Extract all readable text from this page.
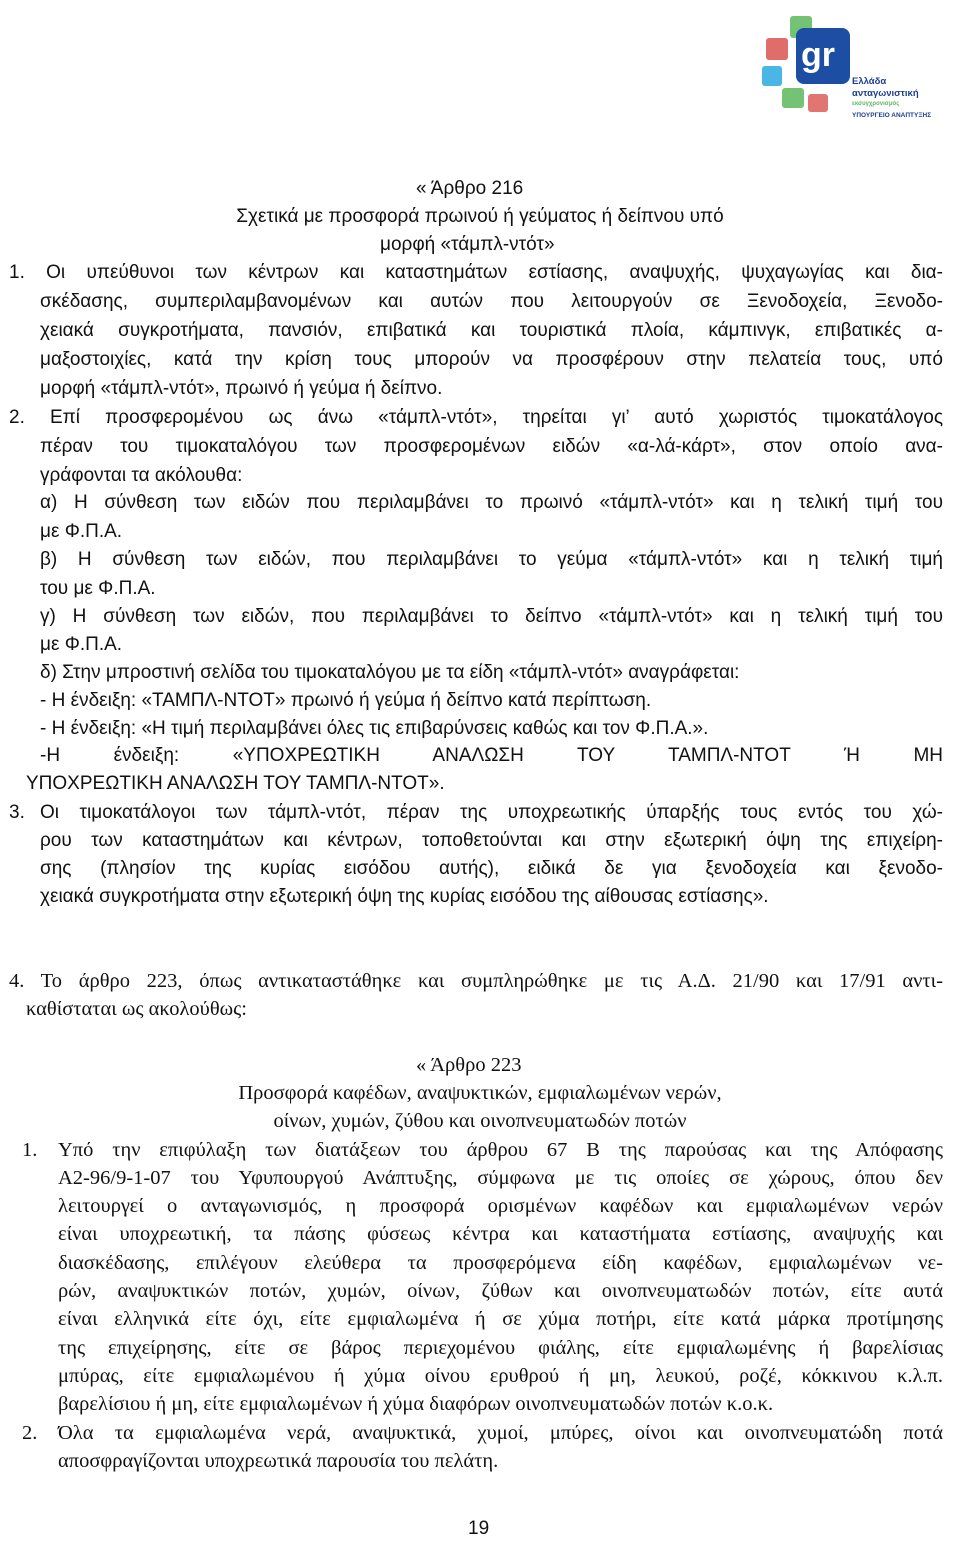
gr
Ελλάδα
ανταγωνιστική
εκσυγχρονισμός
ΥΠΟΥΡΓΕΙΟ ΑΝΑΠΤΥΞΗΣ
« Άρθρο 216
Σχετικά με προσφορά πρωινού ή γεύματος ή δείπνου υπό
μορφή «τάμπλ-ντότ»
1. Οι υπεύθυνοι των κέντρων και καταστημάτων εστίασης, αναψυχής, ψυχαγωγίας και δια-
σκέδασης, συμπεριλαμβανομένων και αυτών που λειτουργούν σε Ξενοδοχεία, Ξενοδο-
χειακά συγκροτήματα, πανσιόν, επιβατικά και τουριστικά πλοία, κάμπινγκ, επιβατικές α-
μαξοστοιχίες, κατά την κρίση τους μπορούν να προσφέρουν στην πελατεία τους, υπό
μορφή «τάμπλ-ντότ», πρωινό ή γεύμα ή δείπνο.
2. Επί προσφερομένου ως άνω «τάμπλ-ντότ», τηρείται γι’ αυτό χωριστός τιμοκατάλογος
πέραν του τιμοκαταλόγου των προσφερομένων ειδών «α-λά-κάρτ», στον οποίο ανα-
γράφονται τα ακόλουθα:
α) Η σύνθεση των ειδών που περιλαμβάνει το πρωινό «τάμπλ-ντότ» και η τελική τιμή του
με Φ.Π.Α.
β) Η σύνθεση των ειδών, που περιλαμβάνει το γεύμα «τάμπλ-ντότ» και η τελική τιμή
του με Φ.Π.Α.
γ) Η σύνθεση των ειδών, που περιλαμβάνει το δείπνο «τάμπλ-ντότ» και η τελική τιμή του
με Φ.Π.Α.
δ) Στην μπροστινή σελίδα του τιμοκαταλόγου με τα είδη «τάμπλ-ντότ» αναγράφεται:
- Η ένδειξη: «ΤΑΜΠΛ-ΝΤΟΤ» πρωινό ή γεύμα ή δείπνο κατά περίπτωση.
- Η ένδειξη: «Η τιμή περιλαμβάνει όλες τις επιβαρύνσεις καθώς και τον Φ.Π.Α.».
-Η ένδειξη: «ΥΠΟΧΡΕΩΤΙΚΗ ΑΝΑΛΩΣΗ ΤΟΥ ΤΑΜΠΛ-ΝΤΟΤ Ή ΜΗ
ΥΠΟΧΡΕΩΤΙΚΗ ΑΝΑΛΩΣΗ ΤΟΥ ΤΑΜΠΛ-ΝΤΟΤ».
3. Οι τιμοκατάλογοι των τάμπλ-ντότ, πέραν της υποχρεωτικής ύπαρξής τους εντός του χώ-
ρου των καταστημάτων και κέντρων, τοποθετούνται και στην εξωτερική όψη της επιχείρη-
σης (πλησίον της κυρίας εισόδου αυτής), ειδικά δε για ξενοδοχεία και ξενοδο-
χειακά συγκροτήματα στην εξωτερική όψη της κυρίας εισόδου της αίθουσας εστίασης».
4. Το άρθρο 223, όπως αντικαταστάθηκε και συμπληρώθηκε με τις Α.Δ. 21/90 και 17/91 αντι-
καθίσταται ως ακολούθως:
« Άρθρο 223
Προσφορά καφέδων, αναψυκτικών, εμφιαλωμένων νερών,
οίνων, χυμών, ζύθου και οινοπνευματωδών ποτών
1. Υπό την επιφύλαξη των διατάξεων του άρθρου 67 Β της παρούσας και της Απόφασης
Α2-96/9-1-07 του Υφυπουργού Ανάπτυξης, σύμφωνα με τις οποίες σε χώρους, όπου δεν
λειτουργεί ο ανταγωνισμός, η προσφορά ορισμένων καφέδων και εμφιαλωμένων νερών
είναι υποχρεωτική, τα πάσης φύσεως κέντρα και καταστήματα εστίασης, αναψυχής και
διασκέδασης, επιλέγουν ελεύθερα τα προσφερόμενα είδη καφέδων, εμφιαλωμένων νε-
ρών, αναψυκτικών ποτών, χυμών, οίνων, ζύθων και οινοπνευματωδών ποτών, είτε αυτά
είναι ελληνικά είτε όχι, είτε εμφιαλωμένα ή σε χύμα ποτήρι, είτε κατά μάρκα προτίμησης
της επιχείρησης, είτε σε βάρος περιεχομένου φιάλης, είτε εμφιαλωμένης ή βαρελίσιας
μπύρας, είτε εμφιαλωμένου ή χύμα οίνου ερυθρού ή μη, λευκού, ροζέ, κόκκινου κ.λ.π.
βαρελίσιου ή μη, είτε εμφιαλωμένων ή χύμα διαφόρων οινοπνευματωδών ποτών κ.ο.κ.
2. Όλα τα εμφιαλωμένα νερά, αναψυκτικά, χυμοί, μπύρες, οίνοι και οινοπνευματώδη ποτά
αποσφραγίζονται υποχρεωτικά παρουσία του πελάτη.
19
